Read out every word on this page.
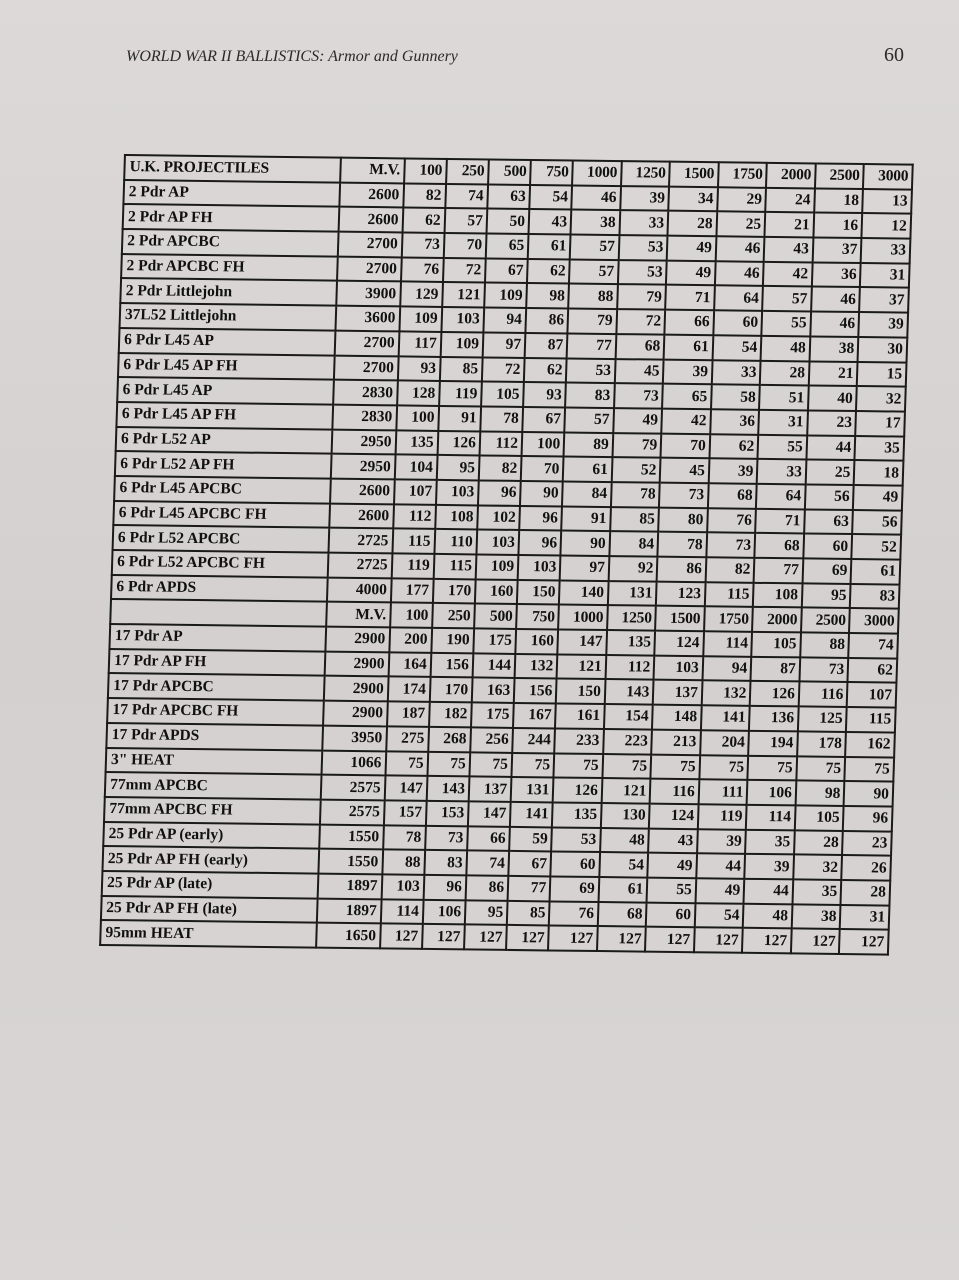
WORLD WAR II BALLISTICS: Armor and Gunnery	60
U.K. PROJECTILES	M.V.	100	250	500	750	1000	1250	1500	1750	2000	2500	3000
2 Pdr AP	2600	82	74	63	54	46	39	34	29	24	18	13
2 Pdr AP FH	2600	62	57	50	43	38	33	28	25	21	16	12
2 Pdr APCBC	2700	73	70	65	61	57	53	49	46	43	37	33
2 Pdr APCBC FH	2700	76	72	67	62	57	53	49	46	42	36	31
2 Pdr Littlejohn	3900	129	121	109	98	88	79	71	64	57	46	37
37L52 Littlejohn	3600	109	103	94	86	79	72	66	60	55	46	39
6 Pdr L45 AP	2700	117	109	97	87	77	68	61	54	48	38	30
6 Pdr L45 AP FH	2700	93	85	72	62	53	45	39	33	28	21	15
6 Pdr L45 AP	2830	128	119	105	93	83	73	65	58	51	40	32
6 Pdr L45 AP FH	2830	100	91	78	67	57	49	42	36	31	23	17
6 Pdr L52 AP	2950	135	126	112	100	89	79	70	62	55	44	35
6 Pdr L52 AP FH	2950	104	95	82	70	61	52	45	39	33	25	18
6 Pdr L45 APCBC	2600	107	103	96	90	84	78	73	68	64	56	49
6 Pdr L45 APCBC FH	2600	112	108	102	96	91	85	80	76	71	63	56
6 Pdr L52 APCBC	2725	115	110	103	96	90	84	78	73	68	60	52
6 Pdr L52 APCBC FH	2725	119	115	109	103	97	92	86	82	77	69	61
6 Pdr APDS	4000	177	170	160	150	140	131	123	115	108	95	83
	M.V.	100	250	500	750	1000	1250	1500	1750	2000	2500	3000
17 Pdr AP	2900	200	190	175	160	147	135	124	114	105	88	74
17 Pdr AP FH	2900	164	156	144	132	121	112	103	94	87	73	62
17 Pdr APCBC	2900	174	170	163	156	150	143	137	132	126	116	107
17 Pdr APCBC FH	2900	187	182	175	167	161	154	148	141	136	125	115
17 Pdr APDS	3950	275	268	256	244	233	223	213	204	194	178	162
3" HEAT	1066	75	75	75	75	75	75	75	75	75	75	75
77mm APCBC	2575	147	143	137	131	126	121	116	111	106	98	90
77mm APCBC FH	2575	157	153	147	141	135	130	124	119	114	105	96
25 Pdr AP (early)	1550	78	73	66	59	53	48	43	39	35	28	23
25 Pdr AP FH (early)	1550	88	83	74	67	60	54	49	44	39	32	26
25 Pdr AP (late)	1897	103	96	86	77	69	61	55	49	44	35	28
25 Pdr AP FH (late)	1897	114	106	95	85	76	68	60	54	48	38	31
95mm HEAT	1650	127	127	127	127	127	127	127	127	127	127	127
